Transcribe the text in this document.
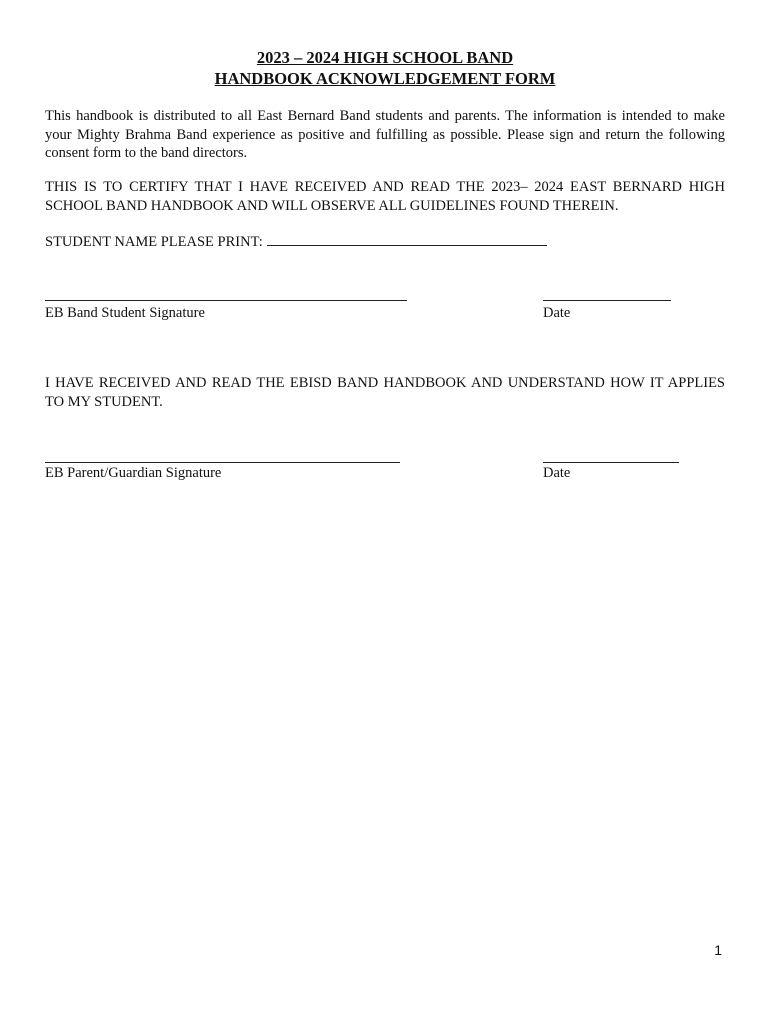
2023 – 2024 HIGH SCHOOL BAND
HANDBOOK ACKNOWLEDGEMENT FORM
This handbook is distributed to all East Bernard Band students and parents. The information is intended to make your Mighty Brahma Band experience as positive and fulfilling as possible. Please sign and return the following consent form to the band directors.
THIS IS TO CERTIFY THAT I HAVE RECEIVED AND READ THE 2023– 2024 EAST BERNARD HIGH SCHOOL BAND HANDBOOK AND WILL OBSERVE ALL GUIDELINES FOUND THEREIN.
STUDENT NAME PLEASE PRINT:
EB Band Student Signature	Date
I HAVE RECEIVED AND READ THE EBISD BAND HANDBOOK AND UNDERSTAND HOW IT APPLIES TO MY STUDENT.
EB Parent/Guardian Signature	Date
1
